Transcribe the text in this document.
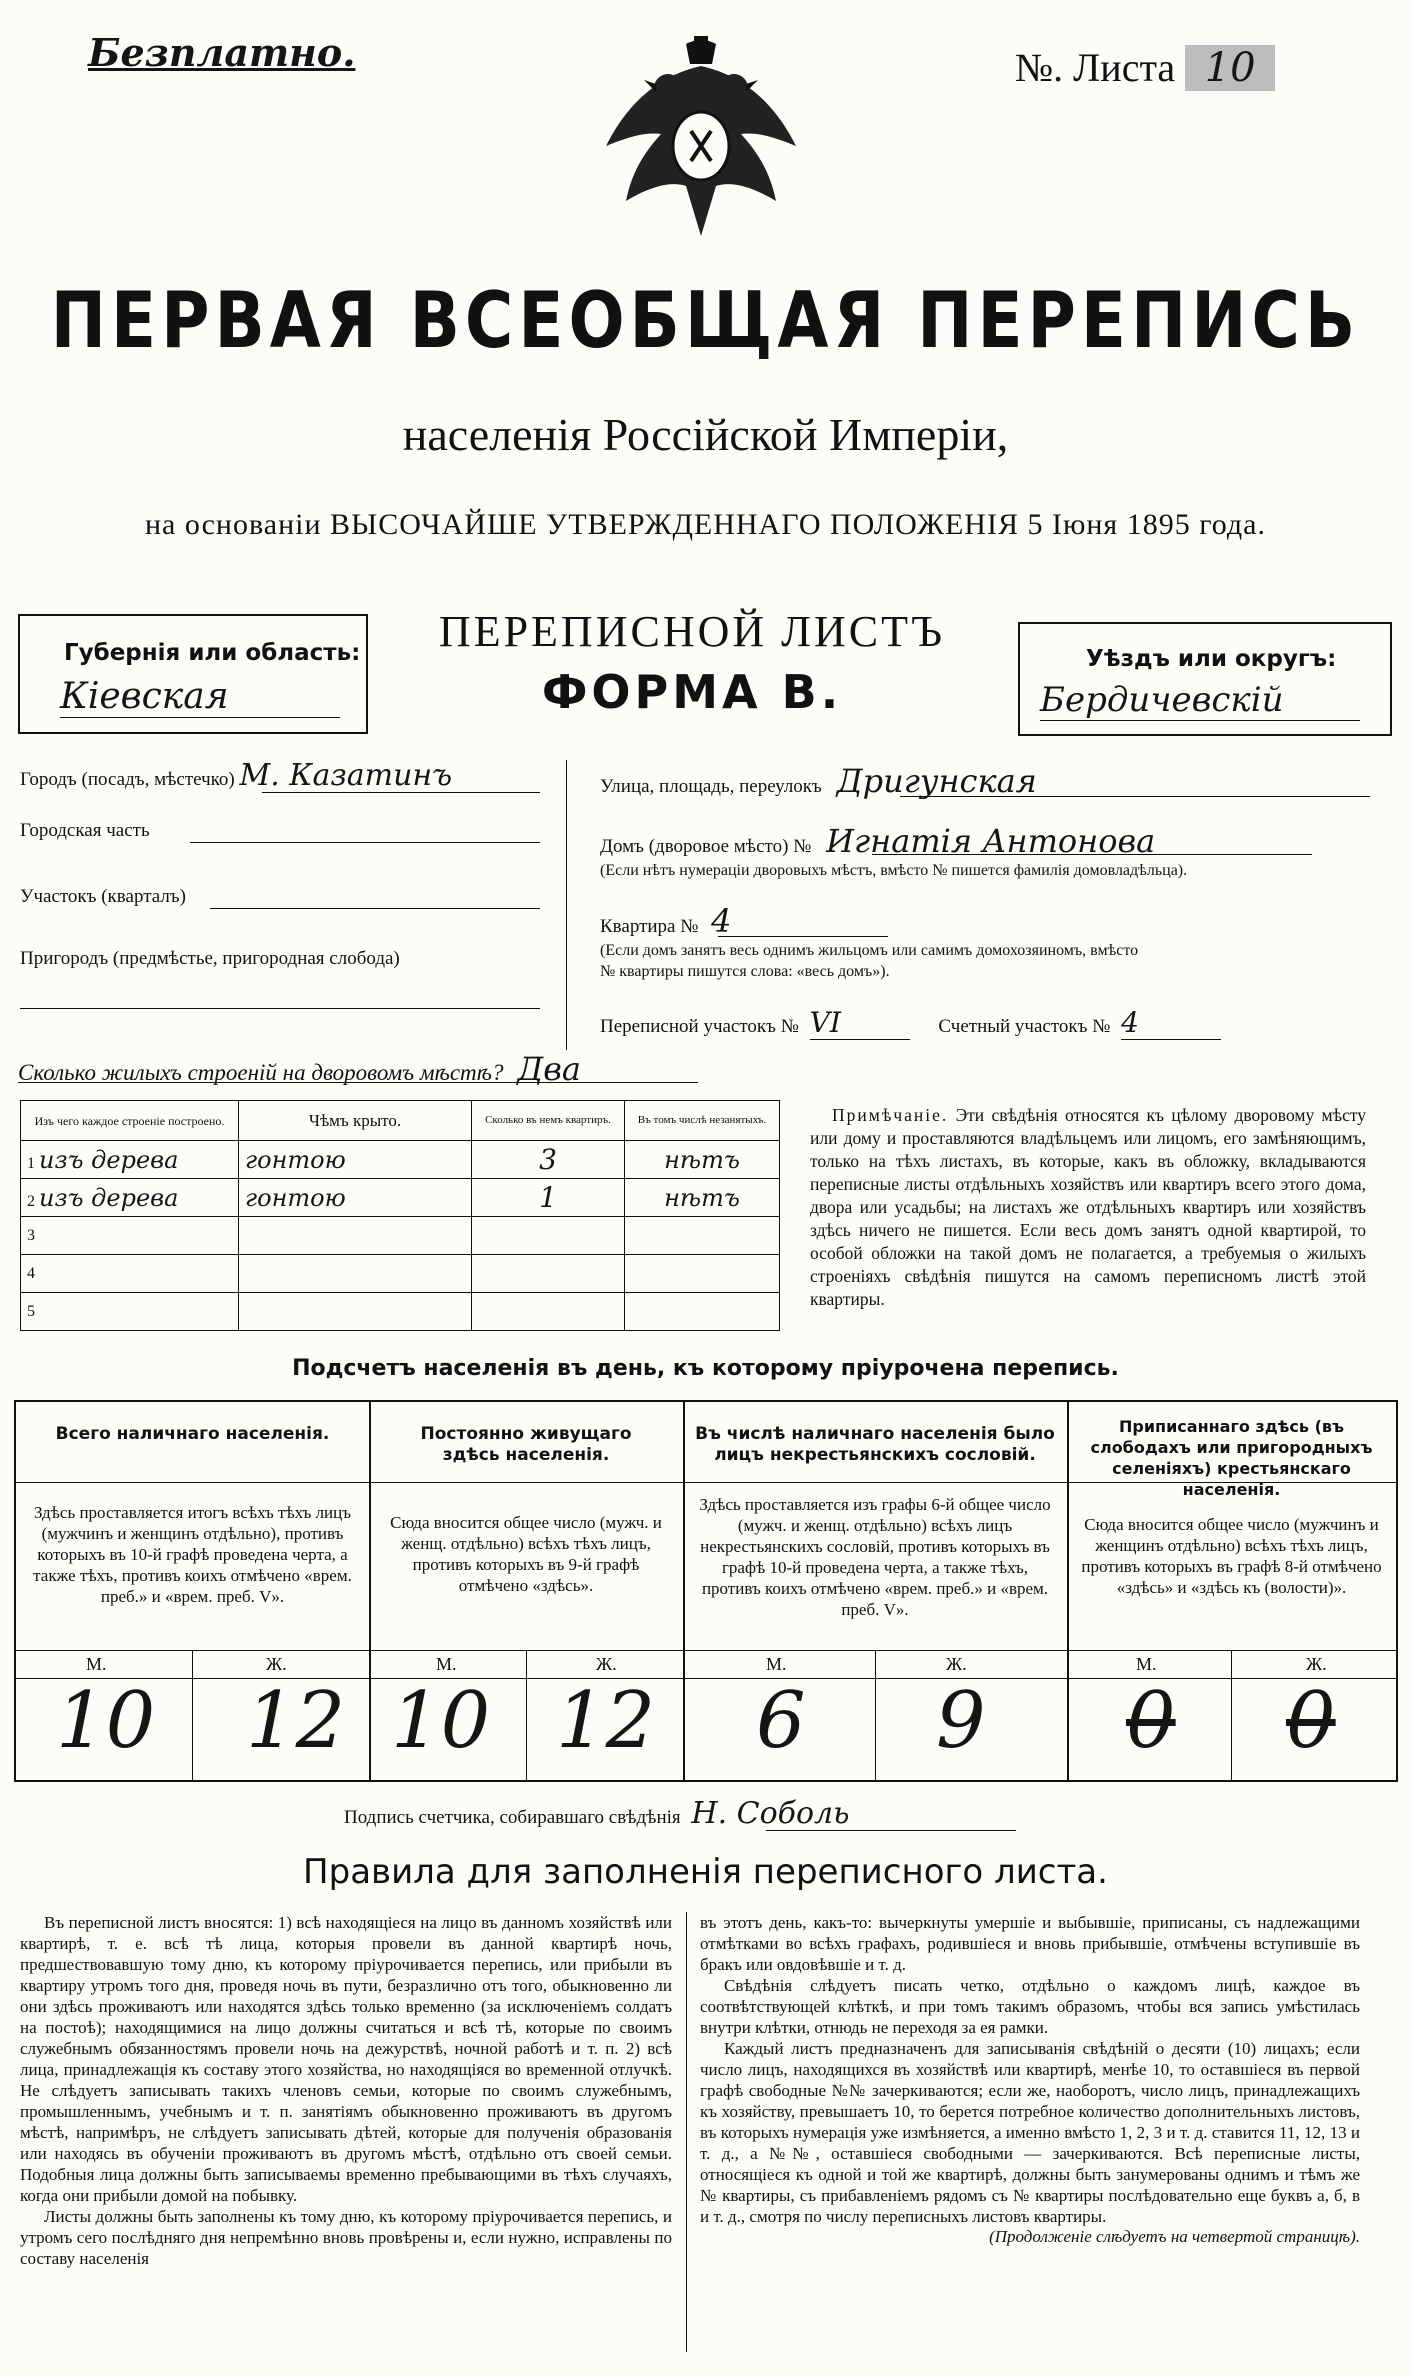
Безплатно.	№. Листа 10
ПЕРВАЯ ВСЕОБЩАЯ ПЕРЕПИСЬ
населенія Россійской Имперіи,
на основаніи ВЫСОЧАЙШЕ УТВЕРЖДЕННАГО ПОЛОЖЕНІЯ 5 Іюня 1895 года.
Губернія или область:
Кіевская
ПЕРЕПИСНОЙ ЛИСТЪ
ФОРМА В.
Уѣздъ или округъ:
Бердичевскій
Городъ (посадъ, мѣстечко) М. Казатинъ
Городская часть
Участокъ (кварталъ)
Пригородъ (предмѣстье, пригородная слобода)
Улица, площадь, переулокъ Дригунская
Домъ (дворовое мѣсто) № Игнатія Антонова
(Если нѣтъ нумераціи дворовыхъ мѣстъ, вмѣсто № пишется фамилія домовладѣльца).
Квартира № 4
(Если домъ занятъ весь однимъ жильцомъ или самимъ домохозяиномъ, вмѣсто
№ квартиры пишутся слова: «весь домъ»).
Переписной участокъ № VI	Счетный участокъ № 4
Сколько жилыхъ строеній на дворовомъ мѣстѣ? Два
Изъ чего каждое строеніе построено.	Чѣмъ крыто.	Сколько въ немъ квартиръ.	Въ томъ числѣ незанятыхъ.
1 изъ дерева	гонтою	3	нѣтъ
2 изъ дерева	гонтою	1	нѣтъ
3			
4			
5			
Примѣчаніе. Эти свѣдѣнія относятся къ цѣлому дворовому мѣсту или дому и проставляются владѣльцемъ или лицомъ, его замѣняющимъ, только на тѣхъ листахъ, въ которые, какъ въ обложку, вкладываются переписные листы отдѣльныхъ хозяйствъ или квартиръ всего этого дома, двора или усадьбы; на листахъ же отдѣльныхъ квартиръ или хозяйствъ здѣсь ничего не пишется. Если весь домъ занятъ одной квартирой, то особой обложки на такой домъ не полагается, а требуемыя о жилыхъ строеніяхъ свѣдѣнія пишутся на самомъ переписномъ листѣ этой квартиры.
Подсчетъ населенія въ день, къ которому пріурочена перепись.
Всего наличнаго населенія.
Здѣсь проставляется итогъ всѣхъ тѣхъ лицъ (мужчинъ и женщинъ отдѣльно), противъ которыхъ въ 10-й графѣ проведена черта, а также тѣхъ, противъ коихъ отмѣчено «врем. преб.» и «врем. преб. V».
Постоянно живущаго здѣсь населенія.
Сюда вносится общее число (мужч. и женщ. отдѣльно) всѣхъ тѣхъ лицъ, противъ которыхъ въ 9-й графѣ отмѣчено «здѣсь».
Въ числѣ наличнаго населенія было лицъ некрестьянскихъ сословій.
Здѣсь проставляется изъ графы 6-й общее число (мужч. и женщ. отдѣльно) всѣхъ лицъ некрестьянскихъ сословій, противъ которыхъ въ графѣ 10-й проведена черта, а также тѣхъ, противъ коихъ отмѣчено «врем. преб.» и «врем. преб. V».
Приписаннаго здѣсь (въ слободахъ или пригородныхъ селеніяхъ) крестьянскаго населенія.
Сюда вносится общее число (мужчинъ и женщинъ отдѣльно) всѣхъ тѣхъ лицъ, противъ которыхъ въ графѣ 8-й отмѣчено «здѣсь» и «здѣсь къ (волости)».
М.	Ж.	М.	Ж.	М.	Ж.	М.	Ж.
10 12 10 12 6 9 0 0
Подпись счетчика, собиравшаго свѣдѣнія Н. Соболь
Правила для заполненія переписного листа.

Въ переписной листъ вносятся: 1) всѣ находящіеся на лицо въ данномъ хозяйствѣ или квартирѣ, т. е. всѣ тѣ лица, которыя провели въ данной квартирѣ ночь, предшествовавшую тому дню, къ которому пріурочивается перепись, или прибыли въ квартиру утромъ того дня, проведя ночь въ пути, безразлично отъ того, обыкновенно ли они здѣсь проживаютъ или находятся здѣсь только временно (за исключеніемъ солдатъ на постоѣ); находящимися на лицо должны считаться и всѣ тѣ, которые по своимъ служебнымъ обязанностямъ провели ночь на дежурствѣ, ночной работѣ и т. п. 2) всѣ лица, принадлежащія къ составу этого хозяйства, но находящіяся во временной отлучкѣ. Не слѣдуетъ записывать такихъ членовъ семьи, которые по своимъ служебнымъ, промышленнымъ, учебнымъ и т. п. занятіямъ обыкновенно проживаютъ въ другомъ мѣстѣ, напримѣръ, не слѣдуетъ записывать дѣтей, которые для полученія образованія или находясь въ обученіи проживаютъ въ другомъ мѣстѣ, отдѣльно отъ своей семьи. Подобныя лица должны быть записываемы временно пребывающими въ тѣхъ случаяхъ, когда они прибыли домой на побывку.

Листы должны быть заполнены къ тому дню, къ которому пріурочивается перепись, и утромъ сего послѣдняго дня непремѣнно вновь провѣрены и, если нужно, исправлены по составу населенія

въ этотъ день, какъ-то: вычеркнуты умершіе и выбывшіе, приписаны, съ надлежащими отмѣтками во всѣхъ графахъ, родившіеся и вновь прибывшіе, отмѣчены вступившіе въ бракъ или овдовѣвшіе и т. д.

Свѣдѣнія слѣдуетъ писать четко, отдѣльно о каждомъ лицѣ, каждое въ соотвѣтствующей клѣткѣ, и при томъ такимъ образомъ, чтобы вся запись умѣстилась внутри клѣтки, отнюдь не переходя за ея рамки.

Каждый листъ предназначенъ для записыванія свѣдѣній о десяти (10) лицахъ; если число лицъ, находящихся въ хозяйствѣ или квартирѣ, менѣе 10, то оставшіеся въ первой графѣ свободные №№ зачеркиваются; если же, наоборотъ, число лицъ, принадлежащихъ къ хозяйству, превышаетъ 10, то берется потребное количество дополнительныхъ листовъ, въ которыхъ нумерація уже измѣняется, а именно вмѣсто 1, 2, 3 и т. д. ставится 11, 12, 13 и т. д., а №№, оставшіеся свободными — зачеркиваются. Всѣ переписные листы, относящіеся къ одной и той же квартирѣ, должны быть занумерованы однимъ и тѣмъ же № квартиры, съ прибавленіемъ рядомъ съ № квартиры послѣдовательно еще буквъ а, б, в и т. д., смотря по числу переписныхъ листовъ квартиры.

(Продолженіе слѣдуетъ на четвертой страницѣ).
